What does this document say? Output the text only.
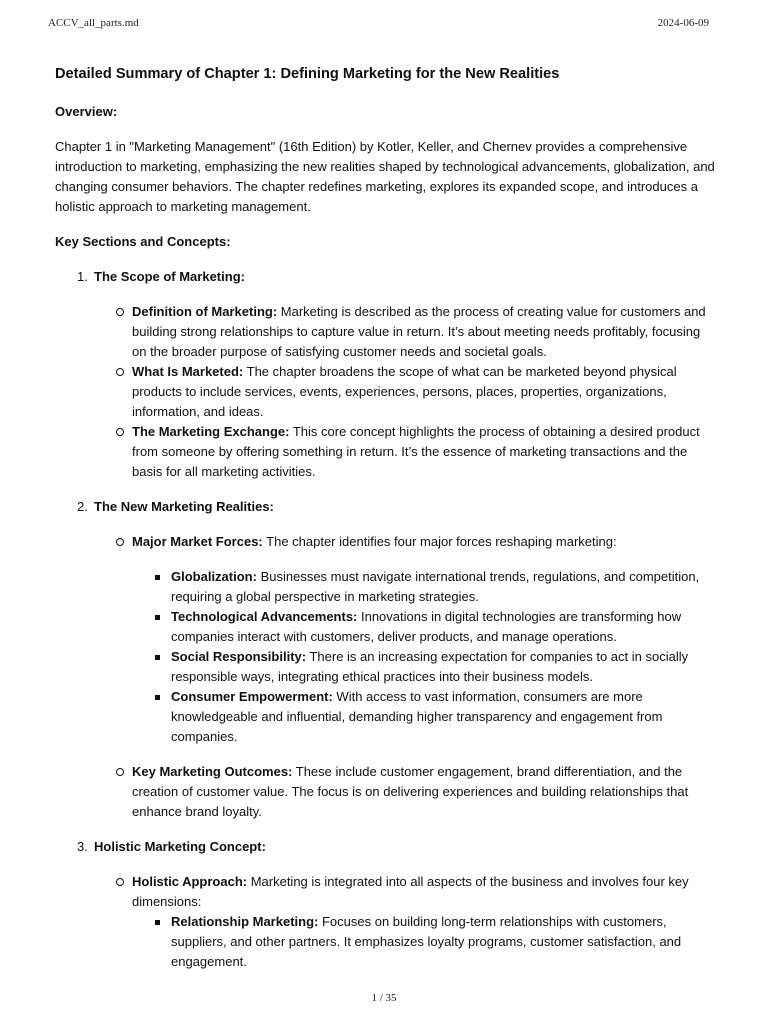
ACCV_all_parts.md	2024-06-09
Detailed Summary of Chapter 1: Defining Marketing for the New Realities

Overview:

Chapter 1 in "Marketing Management" (16th Edition) by Kotler, Keller, and Chernev provides a comprehensive introduction to marketing, emphasizing the new realities shaped by technological advancements, globalization, and changing consumer behaviors. The chapter redefines marketing, explores its expanded scope, and introduces a holistic approach to marketing management.

Key Sections and Concepts:

1. The Scope of Marketing:

Definition of Marketing: Marketing is described as the process of creating value for customers and building strong relationships to capture value in return. It’s about meeting needs profitably, focusing on the broader purpose of satisfying customer needs and societal goals.
What Is Marketed: The chapter broadens the scope of what can be marketed beyond physical products to include services, events, experiences, persons, places, properties, organizations, information, and ideas.
The Marketing Exchange: This core concept highlights the process of obtaining a desired product from someone by offering something in return. It’s the essence of marketing transactions and the basis for all marketing activities.
2. The New Marketing Realities:

Major Market Forces: The chapter identifies four major forces reshaping marketing:

Globalization: Businesses must navigate international trends, regulations, and competition, requiring a global perspective in marketing strategies.
Technological Advancements: Innovations in digital technologies are transforming how companies interact with customers, deliver products, and manage operations.
Social Responsibility: There is an increasing expectation for companies to act in socially responsible ways, integrating ethical practices into their business models.
Consumer Empowerment: With access to vast information, consumers are more knowledgeable and influential, demanding higher transparency and engagement from companies.
Key Marketing Outcomes: These include customer engagement, brand differentiation, and the creation of customer value. The focus is on delivering experiences and building relationships that enhance brand loyalty.
3. Holistic Marketing Concept:

Holistic Approach: Marketing is integrated into all aspects of the business and involves four key dimensions:

Relationship Marketing: Focuses on building long-term relationships with customers, suppliers, and other partners. It emphasizes loyalty programs, customer satisfaction, and engagement.
1 / 35
